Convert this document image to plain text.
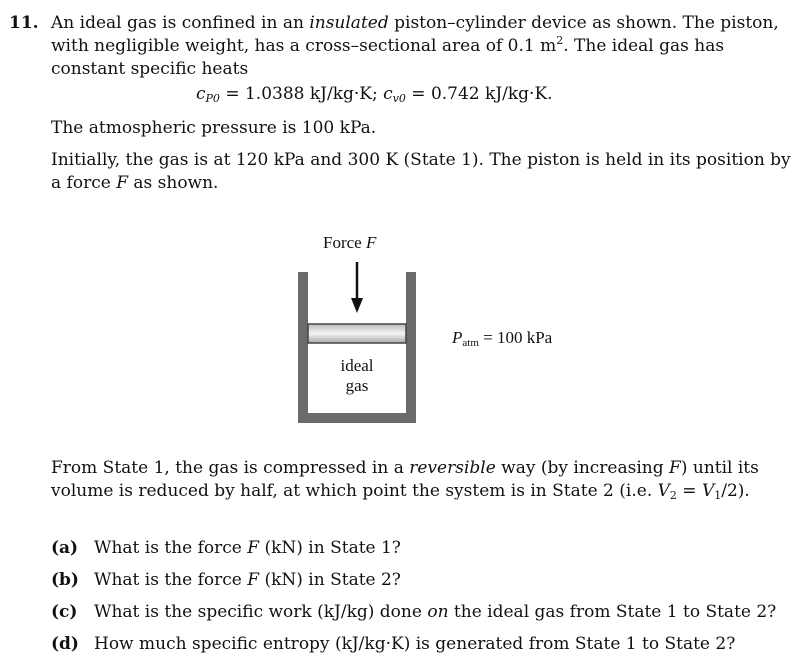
11. An ideal gas is confined in an insulated piston–cylinder device as shown. The piston, with negligible weight, has a cross–sectional area of 0.1 $m^2$. The ideal gas has constant specific heats
$c_{P0} = 1.0388$ kJ/kg·K; $c_{v0} = 0.742$ kJ/kg·K.
The atmospheric pressure is 100 kPa.
Initially, the gas is at 120 kPa and 300 K (State 1). The piston is held in its position by a force F as shown.
Force F
ideal
gas
$P_{atm} = 100$ kPa
From State 1, the gas is compressed in a reversible way (by increasing F) until its volume is reduced by half, at which point the system is in State 2 (i.e. $V_2 = V_1/2$).
(a) What is the force F (kN) in State 1?
(b) What is the force F (kN) in State 2?
(c) What is the specific work (kJ/kg) done on the ideal gas from State 1 to State 2?
(d) How much specific entropy (kJ/kg·K) is generated from State 1 to State 2?
